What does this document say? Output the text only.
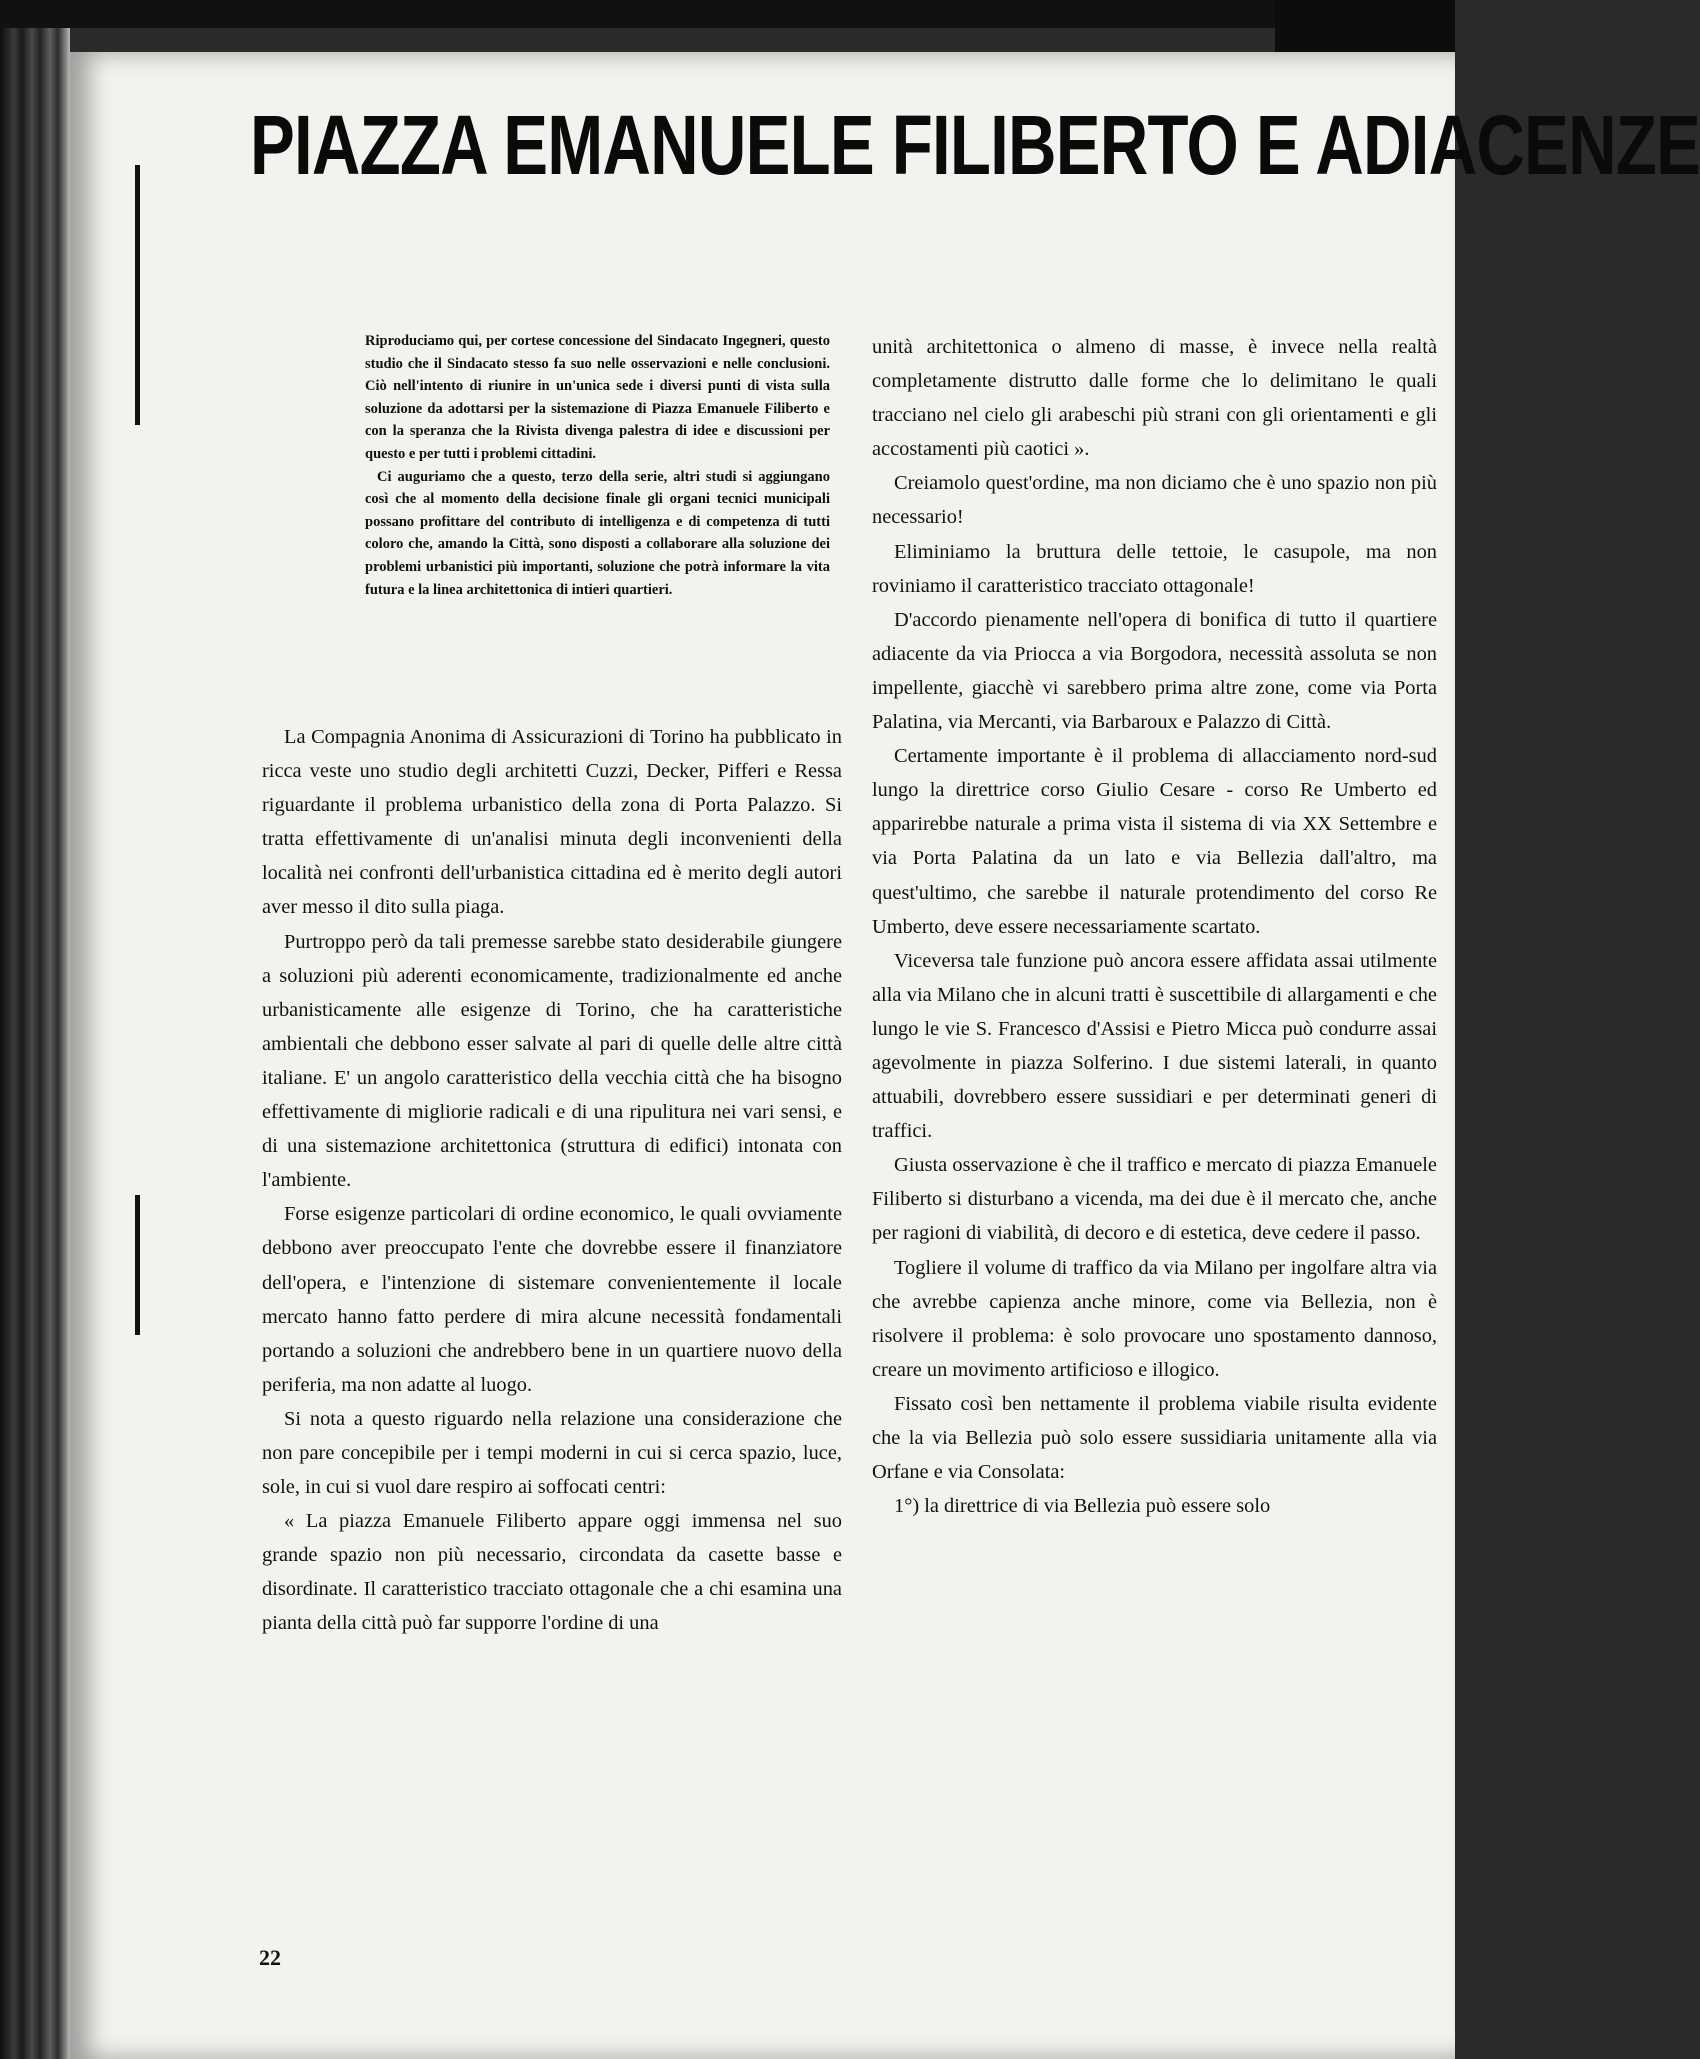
PIAZZA EMANUELE FILIBERTO E ADIACENZE

Riproduciamo qui, per cortese concessione del Sindacato Ingegneri, questo studio che il Sindacato stesso fa suo nelle osservazioni e nelle conclusioni. Ciò nell'intento di riunire in un'unica sede i diversi punti di vista sulla soluzione da adottarsi per la sistemazione di Piazza Emanuele Filiberto e con la speranza che la Rivista divenga palestra di idee e discussioni per questo e per tutti i problemi cittadini.

Ci auguriamo che a questo, terzo della serie, altri studi si aggiungano così che al momento della decisione finale gli organi tecnici municipali possano profittare del contributo di intelligenza e di competenza di tutti coloro che, amando la Città, sono disposti a collaborare alla soluzione dei problemi urbanistici più importanti, soluzione che potrà informare la vita futura e la linea architettonica di intieri quartieri.

La Compagnia Anonima di Assicurazioni di Torino ha pubblicato in ricca veste uno studio degli architetti Cuzzi, Decker, Pifferi e Ressa riguardante il problema urbanistico della zona di Porta Palazzo. Si tratta effettivamente di un'analisi minuta degli inconvenienti della località nei confronti dell'urbanistica cittadina ed è merito degli autori aver messo il dito sulla piaga.

Purtroppo però da tali premesse sarebbe stato desiderabile giungere a soluzioni più aderenti economicamente, tradizionalmente ed anche urbanisticamente alle esigenze di Torino, che ha caratteristiche ambientali che debbono esser salvate al pari di quelle delle altre città italiane. E' un angolo caratteristico della vecchia città che ha bisogno effettivamente di migliorie radicali e di una ripulitura nei vari sensi, e di una sistemazione architettonica (struttura di edifici) intonata con l'ambiente.

Forse esigenze particolari di ordine economico, le quali ovviamente debbono aver preoccupato l'ente che dovrebbe essere il finanziatore dell'opera, e l'intenzione di sistemare convenientemente il locale mercato hanno fatto perdere di mira alcune necessità fondamentali portando a soluzioni che andrebbero bene in un quartiere nuovo della periferia, ma non adatte al luogo.

Si nota a questo riguardo nella relazione una considerazione che non pare concepibile per i tempi moderni in cui si cerca spazio, luce, sole, in cui si vuol dare respiro ai soffocati centri:

« La piazza Emanuele Filiberto appare oggi immensa nel suo grande spazio non più necessario, circondata da casette basse e disordinate. Il caratteristico tracciato ottagonale che a chi esamina una pianta della città può far supporre l'ordine di una

unità architettonica o almeno di masse, è invece nella realtà completamente distrutto dalle forme che lo delimitano le quali tracciano nel cielo gli arabeschi più strani con gli orientamenti e gli accostamenti più caotici ».

Creiamolo quest'ordine, ma non diciamo che è uno spazio non più necessario!

Eliminiamo la bruttura delle tettoie, le casupole, ma non roviniamo il caratteristico tracciato ottagonale!

D'accordo pienamente nell'opera di bonifica di tutto il quartiere adiacente da via Priocca a via Borgodora, necessità assoluta se non impellente, giacchè vi sarebbero prima altre zone, come via Porta Palatina, via Mercanti, via Barbaroux e Palazzo di Città.

Certamente importante è il problema di allacciamento nord-sud lungo la direttrice corso Giulio Cesare - corso Re Umberto ed apparirebbe naturale a prima vista il sistema di via XX Settembre e via Porta Palatina da un lato e via Bellezia dall'altro, ma quest'ultimo, che sarebbe il naturale protendimento del corso Re Umberto, deve essere necessariamente scartato.

Viceversa tale funzione può ancora essere affidata assai utilmente alla via Milano che in alcuni tratti è suscettibile di allargamenti e che lungo le vie S. Francesco d'Assisi e Pietro Micca può condurre assai agevolmente in piazza Solferino. I due sistemi laterali, in quanto attuabili, dovrebbero essere sussidiari e per determinati generi di traffici.

Giusta osservazione è che il traffico e mercato di piazza Emanuele Filiberto si disturbano a vicenda, ma dei due è il mercato che, anche per ragioni di viabilità, di decoro e di estetica, deve cedere il passo.

Togliere il volume di traffico da via Milano per ingolfare altra via che avrebbe capienza anche minore, come via Bellezia, non è risolvere il problema: è solo provocare uno spostamento dannoso, creare un movimento artificioso e illogico.

Fissato così ben nettamente il problema viabile risulta evidente che la via Bellezia può solo essere sussidiaria unitamente alla via Orfane e via Consolata:

1°) la direttrice di via Bellezia può essere solo

22
